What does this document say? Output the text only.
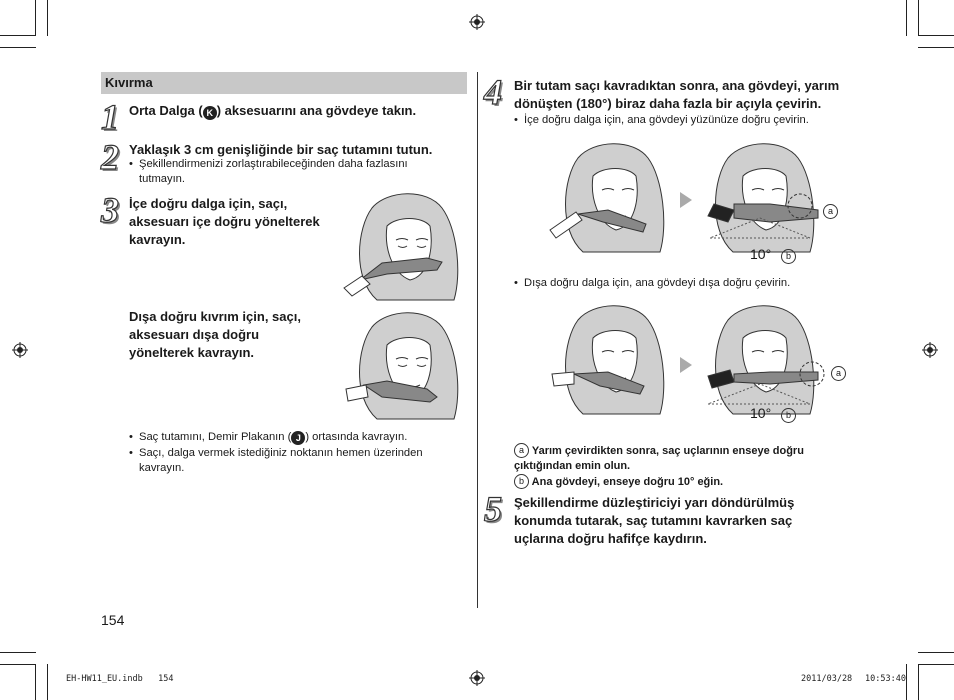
Kıvırma
1 Orta Dalga ( K ) aksesuarını ana gövdeye takın.
2 Yaklaşık 3 cm genişliğinde bir saç tutamını tutun.
• Şekillendirmenizi zorlaştırabileceğinden daha fazlasını tutmayın.
3 İçe doğru dalga için, saçı, aksesuarı içe doğru yönelterek kavrayın.
Dışa doğru kıvrım için, saçı, aksesuarı dışa doğru yönelterek kavrayın.
• Saç tutamını, Demir Plakanın ( J ) ortasında kavrayın.
• Saçı, dalga vermek istediğiniz noktanın hemen üzerinden kavrayın.
154
4 Bir tutam saçı kavradıktan sonra, ana gövdeyi, yarım dönüşten (180°) biraz daha fazla bir açıyla çevirin.
• İçe doğru dalga için, ana gövdeyi yüzünüze doğru çevirin.
a
10°	b
• Dışa doğru dalga için, ana gövdeyi dışa doğru çevirin.
a
10°	b
a Yarım çevirdikten sonra, saç uçlarının enseye doğru çıktığından emin olun.
b Ana gövdeyi, enseye doğru 10° eğin.
5 Şekillendirme düzleştiriciyi yarı döndürülmüş konumda tutarak, saç tutamını kavrarken saç uçlarına doğru hafifçe kaydırın.
EH-HW11_EU.indb   154	2011/03/28 10:53:40
